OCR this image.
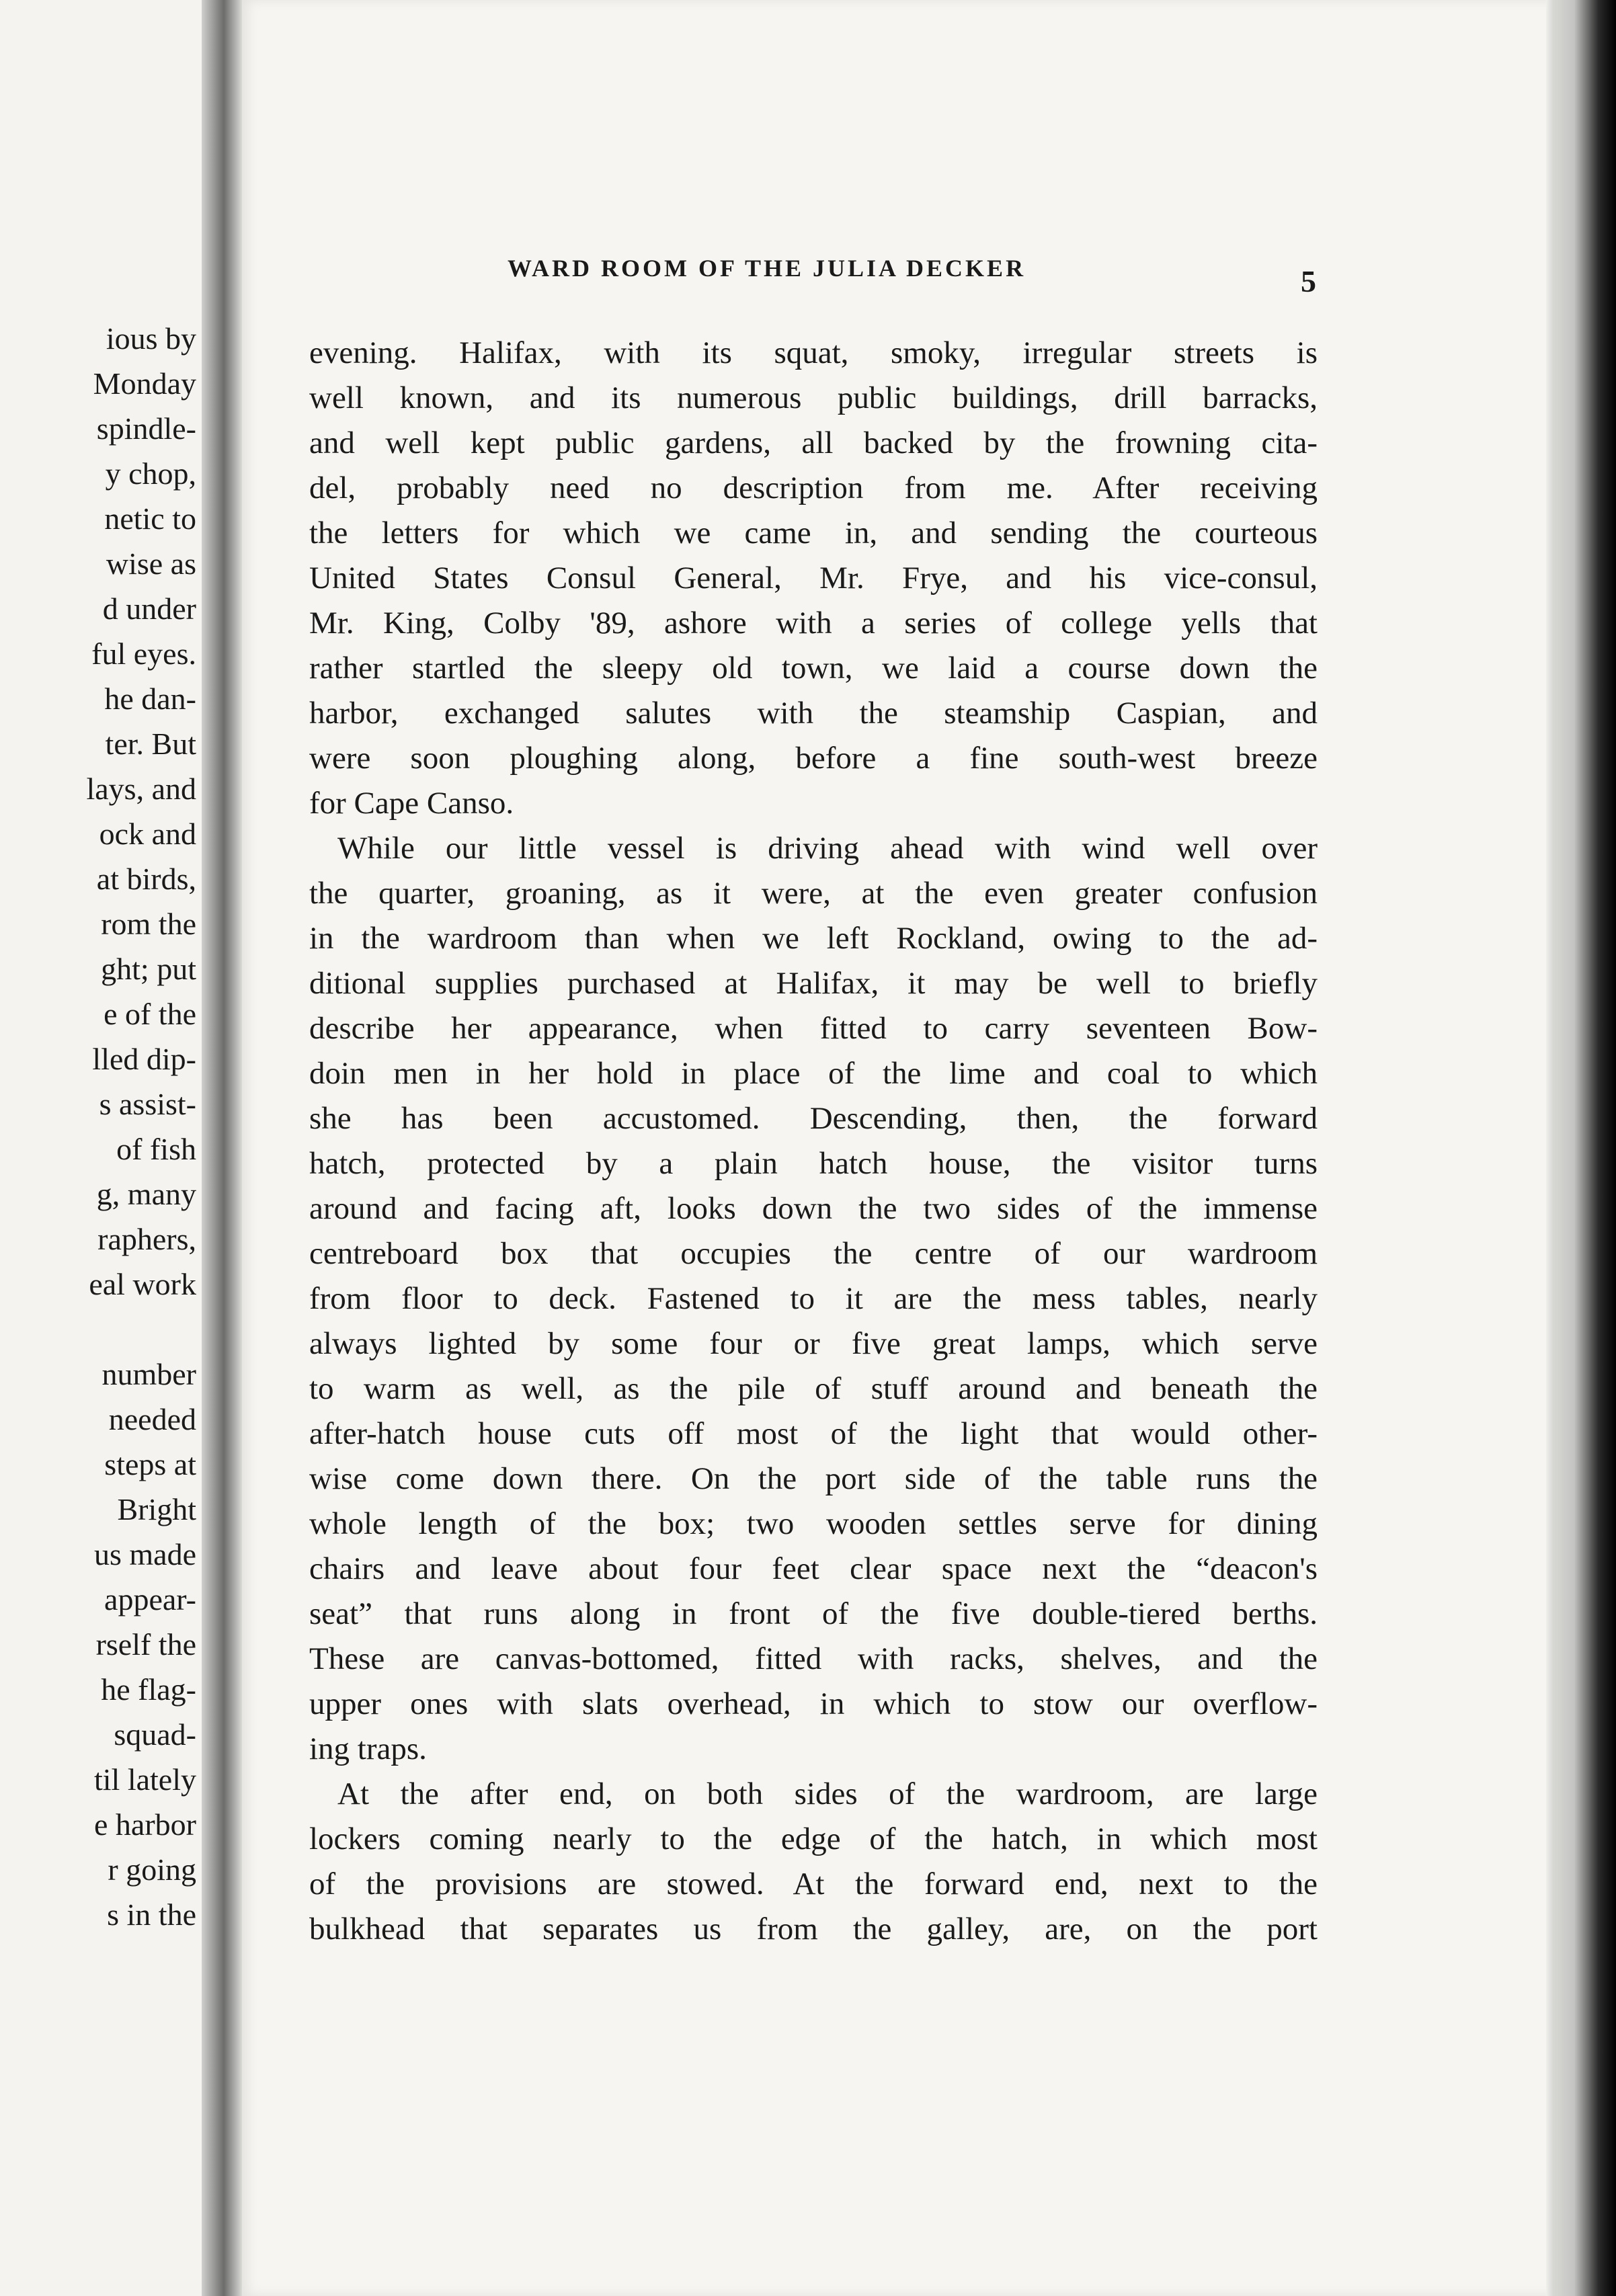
ious by
Monday
spindle-
y chop,
netic to
wise as
d under
ful eyes.
he dan-
ter. But
lays, and
ock and
at birds,
rom the
ght; put
e of the
lled dip-
s assist-
of fish
g, many
raphers,
eal work
number
needed
steps at
Bright
us made
appear-
rself the
he flag-
squad-
til lately
e harbor
r going
s in the
WARD ROOM OF THE JULIA DECKER	5
evening. Halifax, with its squat, smoky, irregular streets is
well known, and its numerous public buildings, drill barracks,
and well kept public gardens, all backed by the frowning cita-
del, probably need no description from me. After receiving
the letters for which we came in, and sending the courteous
United States Consul General, Mr. Frye, and his vice-consul,
Mr. King, Colby '89, ashore with a series of college yells that
rather startled the sleepy old town, we laid a course down the
harbor, exchanged salutes with the steamship Caspian, and
were soon ploughing along, before a fine south-west breeze
for Cape Canso.
While our little vessel is driving ahead with wind well over
the quarter, groaning, as it were, at the even greater confusion
in the wardroom than when we left Rockland, owing to the ad-
ditional supplies purchased at Halifax, it may be well to briefly
describe her appearance, when fitted to carry seventeen Bow-
doin men in her hold in place of the lime and coal to which
she has been accustomed. Descending, then, the forward
hatch, protected by a plain hatch house, the visitor turns
around and facing aft, looks down the two sides of the immense
centreboard box that occupies the centre of our wardroom
from floor to deck. Fastened to it are the mess tables, nearly
always lighted by some four or five great lamps, which serve
to warm as well, as the pile of stuff around and beneath the
after-hatch house cuts off most of the light that would other-
wise come down there. On the port side of the table runs the
whole length of the box; two wooden settles serve for dining
chairs and leave about four feet clear space next the “deacon's
seat” that runs along in front of the five double-tiered berths.
These are canvas-bottomed, fitted with racks, shelves, and the
upper ones with slats overhead, in which to stow our overflow-
ing traps.
At the after end, on both sides of the wardroom, are large
lockers coming nearly to the edge of the hatch, in which most
of the provisions are stowed. At the forward end, next to the
bulkhead that separates us from the galley, are, on the port
